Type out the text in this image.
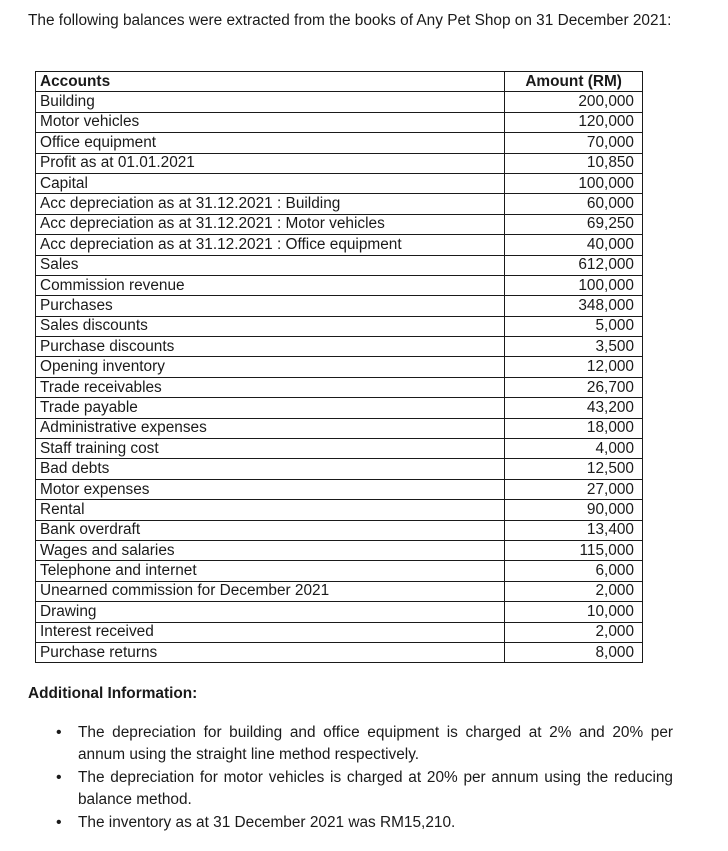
The following balances were extracted from the books of Any Pet Shop on 31 December 2021:

Accounts	Amount (RM)
Building	200,000
Motor vehicles	120,000
Office equipment	70,000
Profit as at 01.01.2021	10,850
Capital	100,000
Acc depreciation as at 31.12.2021 : Building	60,000
Acc depreciation as at 31.12.2021 : Motor vehicles	69,250
Acc depreciation as at 31.12.2021 : Office equipment	40,000
Sales	612,000
Commission revenue	100,000
Purchases	348,000
Sales discounts	5,000
Purchase discounts	3,500
Opening inventory	12,000
Trade receivables	26,700
Trade payable	43,200
Administrative expenses	18,000
Staff training cost	4,000
Bad debts	12,500
Motor expenses	27,000
Rental	90,000
Bank overdraft	13,400
Wages and salaries	115,000
Telephone and internet	6,000
Unearned commission for December 2021	2,000
Drawing	10,000
Interest received	2,000
Purchase returns	8,000
Additional Information:
• The depreciation for building and office equipment is charged at 2% and 20% per annum using the straight line method respectively.
• The depreciation for motor vehicles is charged at 20% per annum using the reducing balance method.
• The inventory as at 31 December 2021 was RM15,210.
